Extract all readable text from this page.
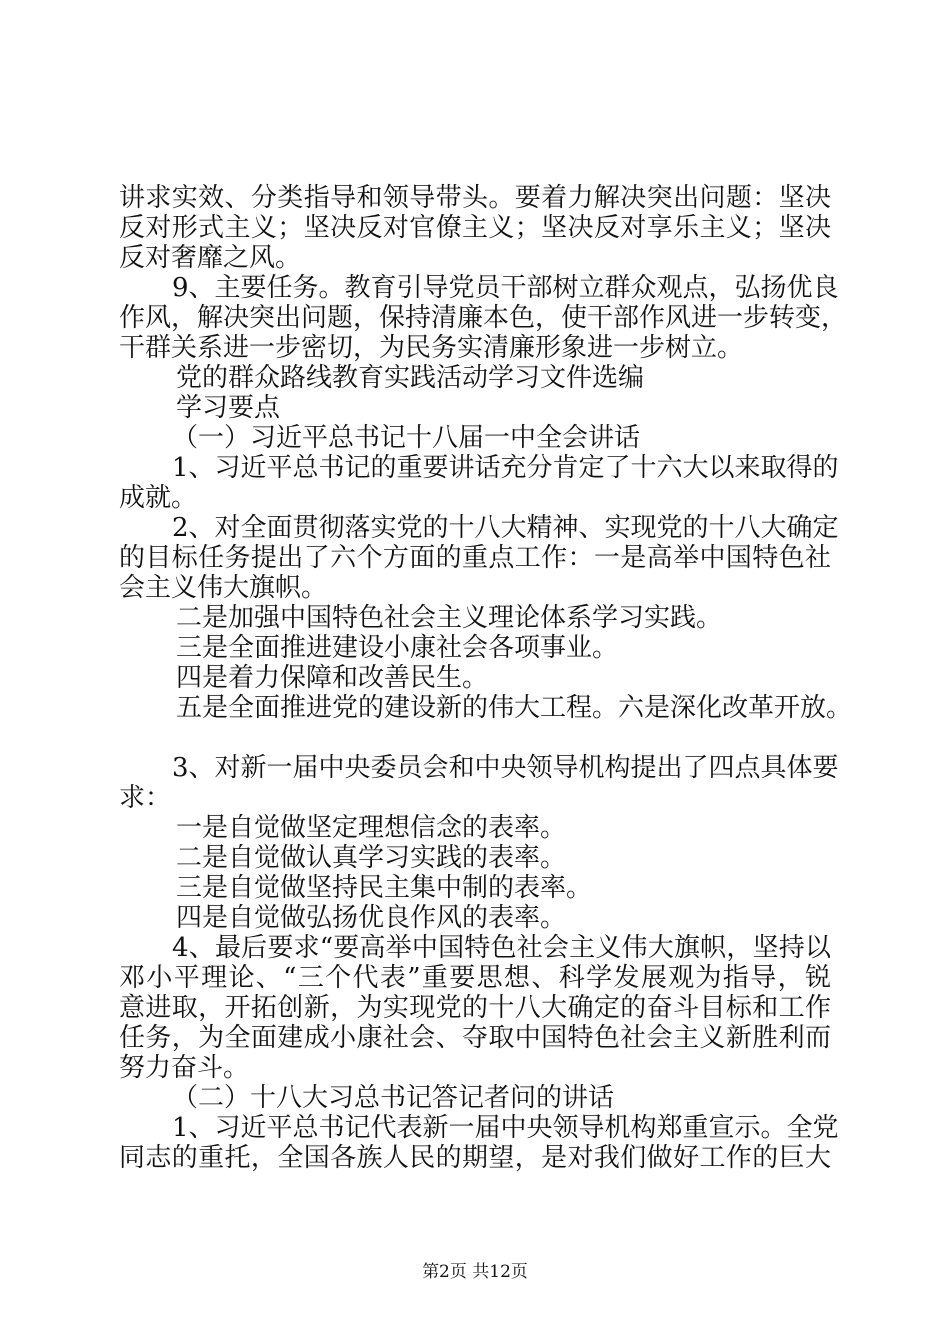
讲求实效、分类指导和领导带头。要着力解决突出问题：坚决
反对形式主义；坚决反对官僚主义；坚决反对享乐主义；坚决
反对奢靡之风。
9、主要任务。教育引导党员干部树立群众观点，弘扬优良
作风，解决突出问题，保持清廉本色，使干部作风进一步转变，
干群关系进一步密切，为民务实清廉形象进一步树立。
党的群众路线教育实践活动学习文件选编
学习要点
（一）习近平总书记十八届一中全会讲话
1、习近平总书记的重要讲话充分肯定了十六大以来取得的
成就。
2、对全面贯彻落实党的十八大精神、实现党的十八大确定
的目标任务提出了六个方面的重点工作：一是高举中国特色社
会主义伟大旗帜。
二是加强中国特色社会主义理论体系学习实践。
三是全面推进建设小康社会各项事业。
四是着力保障和改善民生。
五是全面推进党的建设新的伟大工程。六是深化改革开放。
3、对新一届中央委员会和中央领导机构提出了四点具体要
求：
一是自觉做坚定理想信念的表率。
二是自觉做认真学习实践的表率。
三是自觉做坚持民主集中制的表率。
四是自觉做弘扬优良作风的表率。
4、最后要求“要高举中国特色社会主义伟大旗帜，坚持以
邓小平理论、“三个代表”重要思想、科学发展观为指导，锐
意进取，开拓创新，为实现党的十八大确定的奋斗目标和工作
任务，为全面建成小康社会、夺取中国特色社会主义新胜利而
努力奋斗。
（二）十八大习总书记答记者问的讲话
1、习近平总书记代表新一届中央领导机构郑重宣示。全党
同志的重托，全国各族人民的期望，是对我们做好工作的巨大
第2页 共12页
